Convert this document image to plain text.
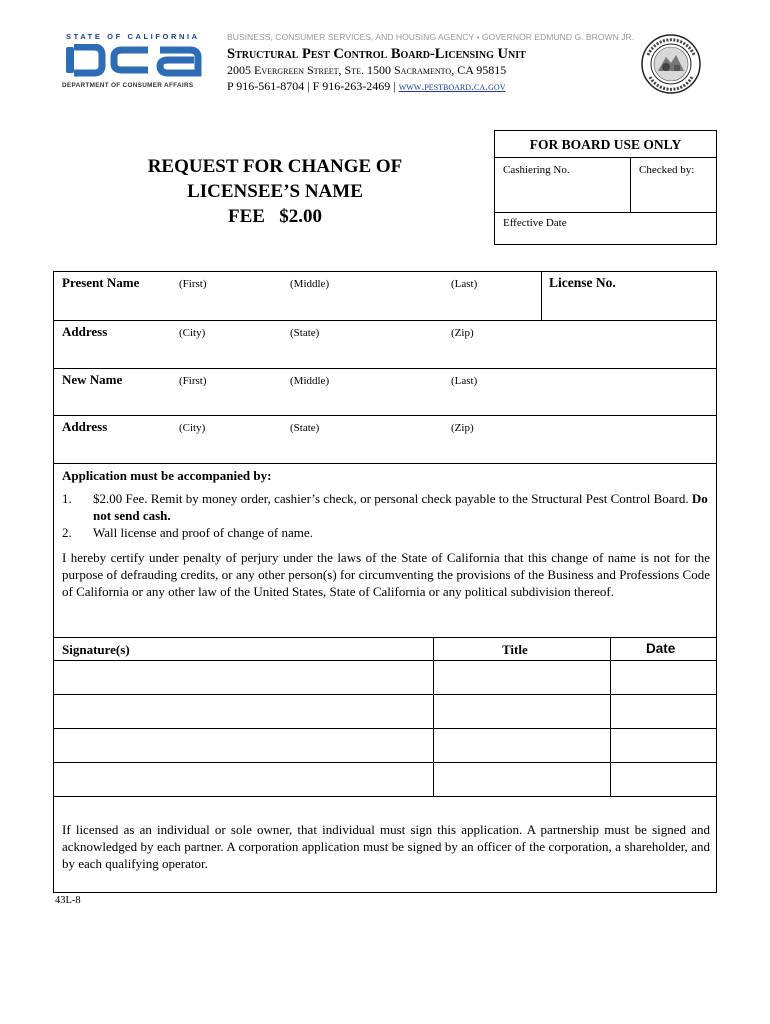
STATE OF CALIFORNIA
DEPARTMENT OF CONSUMER AFFAIRS
BUSINESS, CONSUMER SERVICES, AND HOUSING AGENCY • GOVERNOR EDMUND G. BROWN JR.
Structural Pest Control Board-Licensing Unit
2005 Evergreen Street, Ste. 1500 Sacramento, CA 95815
P 916-561-8704 | F 916-263-2469 | www.pestboard.ca.gov
REQUEST FOR CHANGE OF
LICENSEE’S NAME
FEE   $2.00
FOR BOARD USE ONLY
Cashiering No.	Checked by:
Effective Date
Present Name	(First)	(Middle)	(Last)	License No.
Address	(City)	(State)	(Zip)
New Name	(First)	(Middle)	(Last)
Address	(City)	(State)	(Zip)
Application must be accompanied by:
1. $2.00 Fee. Remit by money order, cashier’s check, or personal check payable to the Structural Pest Control Board. Do not send cash.
2. Wall license and proof of change of name.
I hereby certify under penalty of perjury under the laws of the State of California that this change of name is not for the purpose of defrauding credits, or any other person(s) for circumventing the provisions of the Business and Professions Code of California or any other law of the United States, State of California or any political subdivision thereof.
Signature(s)	Title	Date
If licensed as an individual or sole owner, that individual must sign this application. A partnership must be signed and acknowledged by each partner. A corporation application must be signed by an officer of the corporation, a shareholder, and by each qualifying operator.
43L-8
